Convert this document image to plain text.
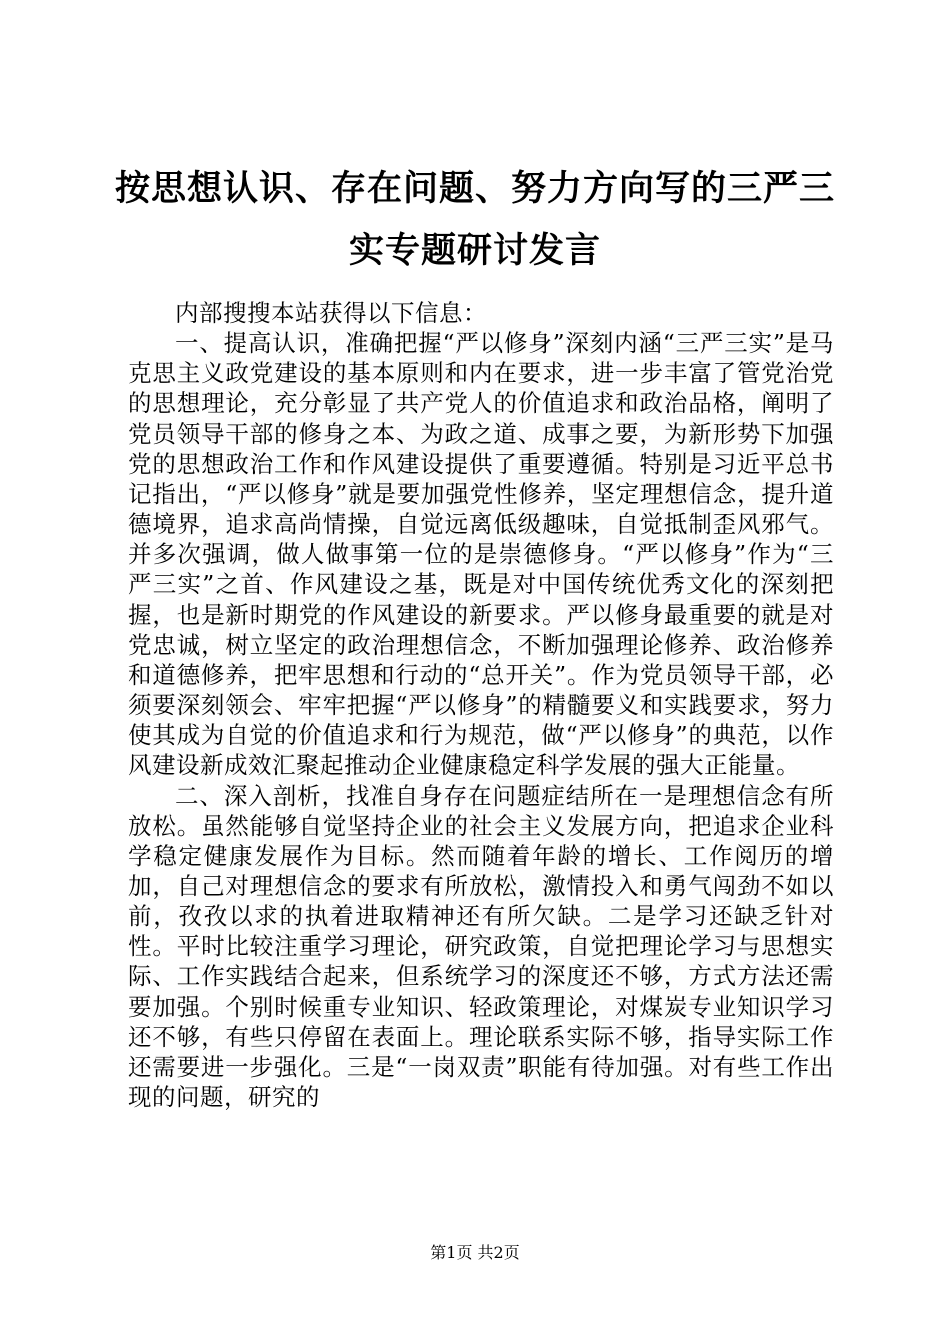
按思想认识、存在问题、努力方向写的三严三实专题研讨发言

内部搜搜本站获得以下信息：

一、提高认识，准确把握“严以修身”深刻内涵“三严三实”是马克思主义政党建设的基本原则和内在要求，进一步丰富了管党治党的思想理论，充分彰显了共产党人的价值追求和政治品格，阐明了党员领导干部的修身之本、为政之道、成事之要，为新形势下加强党的思想政治工作和作风建设提供了重要遵循。特别是习近平总书记指出，“严以修身”就是要加强党性修养，坚定理想信念，提升道德境界，追求高尚情操，自觉远离低级趣味，自觉抵制歪风邪气。并多次强调，做人做事第一位的是崇德修身。“严以修身”作为“三严三实”之首、作风建设之基，既是对中国传统优秀文化的深刻把握，也是新时期党的作风建设的新要求。严以修身最重要的就是对党忠诚，树立坚定的政治理想信念，不断加强理论修养、政治修养和道德修养，把牢思想和行动的“总开关”。作为党员领导干部，必须要深刻领会、牢牢把握“严以修身”的精髓要义和实践要求，努力使其成为自觉的价值追求和行为规范，做“严以修身”的典范，以作风建设新成效汇聚起推动企业健康稳定科学发展的强大正能量。

二、深入剖析，找准自身存在问题症结所在一是理想信念有所放松。虽然能够自觉坚持企业的社会主义发展方向，把追求企业科学稳定健康发展作为目标。然而随着年龄的增长、工作阅历的增加，自己对理想信念的要求有所放松，激情投入和勇气闯劲不如以前，孜孜以求的执着进取精神还有所欠缺。二是学习还缺乏针对性。平时比较注重学习理论，研究政策，自觉把理论学习与思想实际、工作实践结合起来，但系统学习的深度还不够，方式方法还需要加强。个别时候重专业知识、轻政策理论，对煤炭专业知识学习还不够，有些只停留在表面上。理论联系实际不够，指导实际工作还需要进一步强化。三是“一岗双责”职能有待加强。对有些工作出现的问题，研究的

第1页 共2页
